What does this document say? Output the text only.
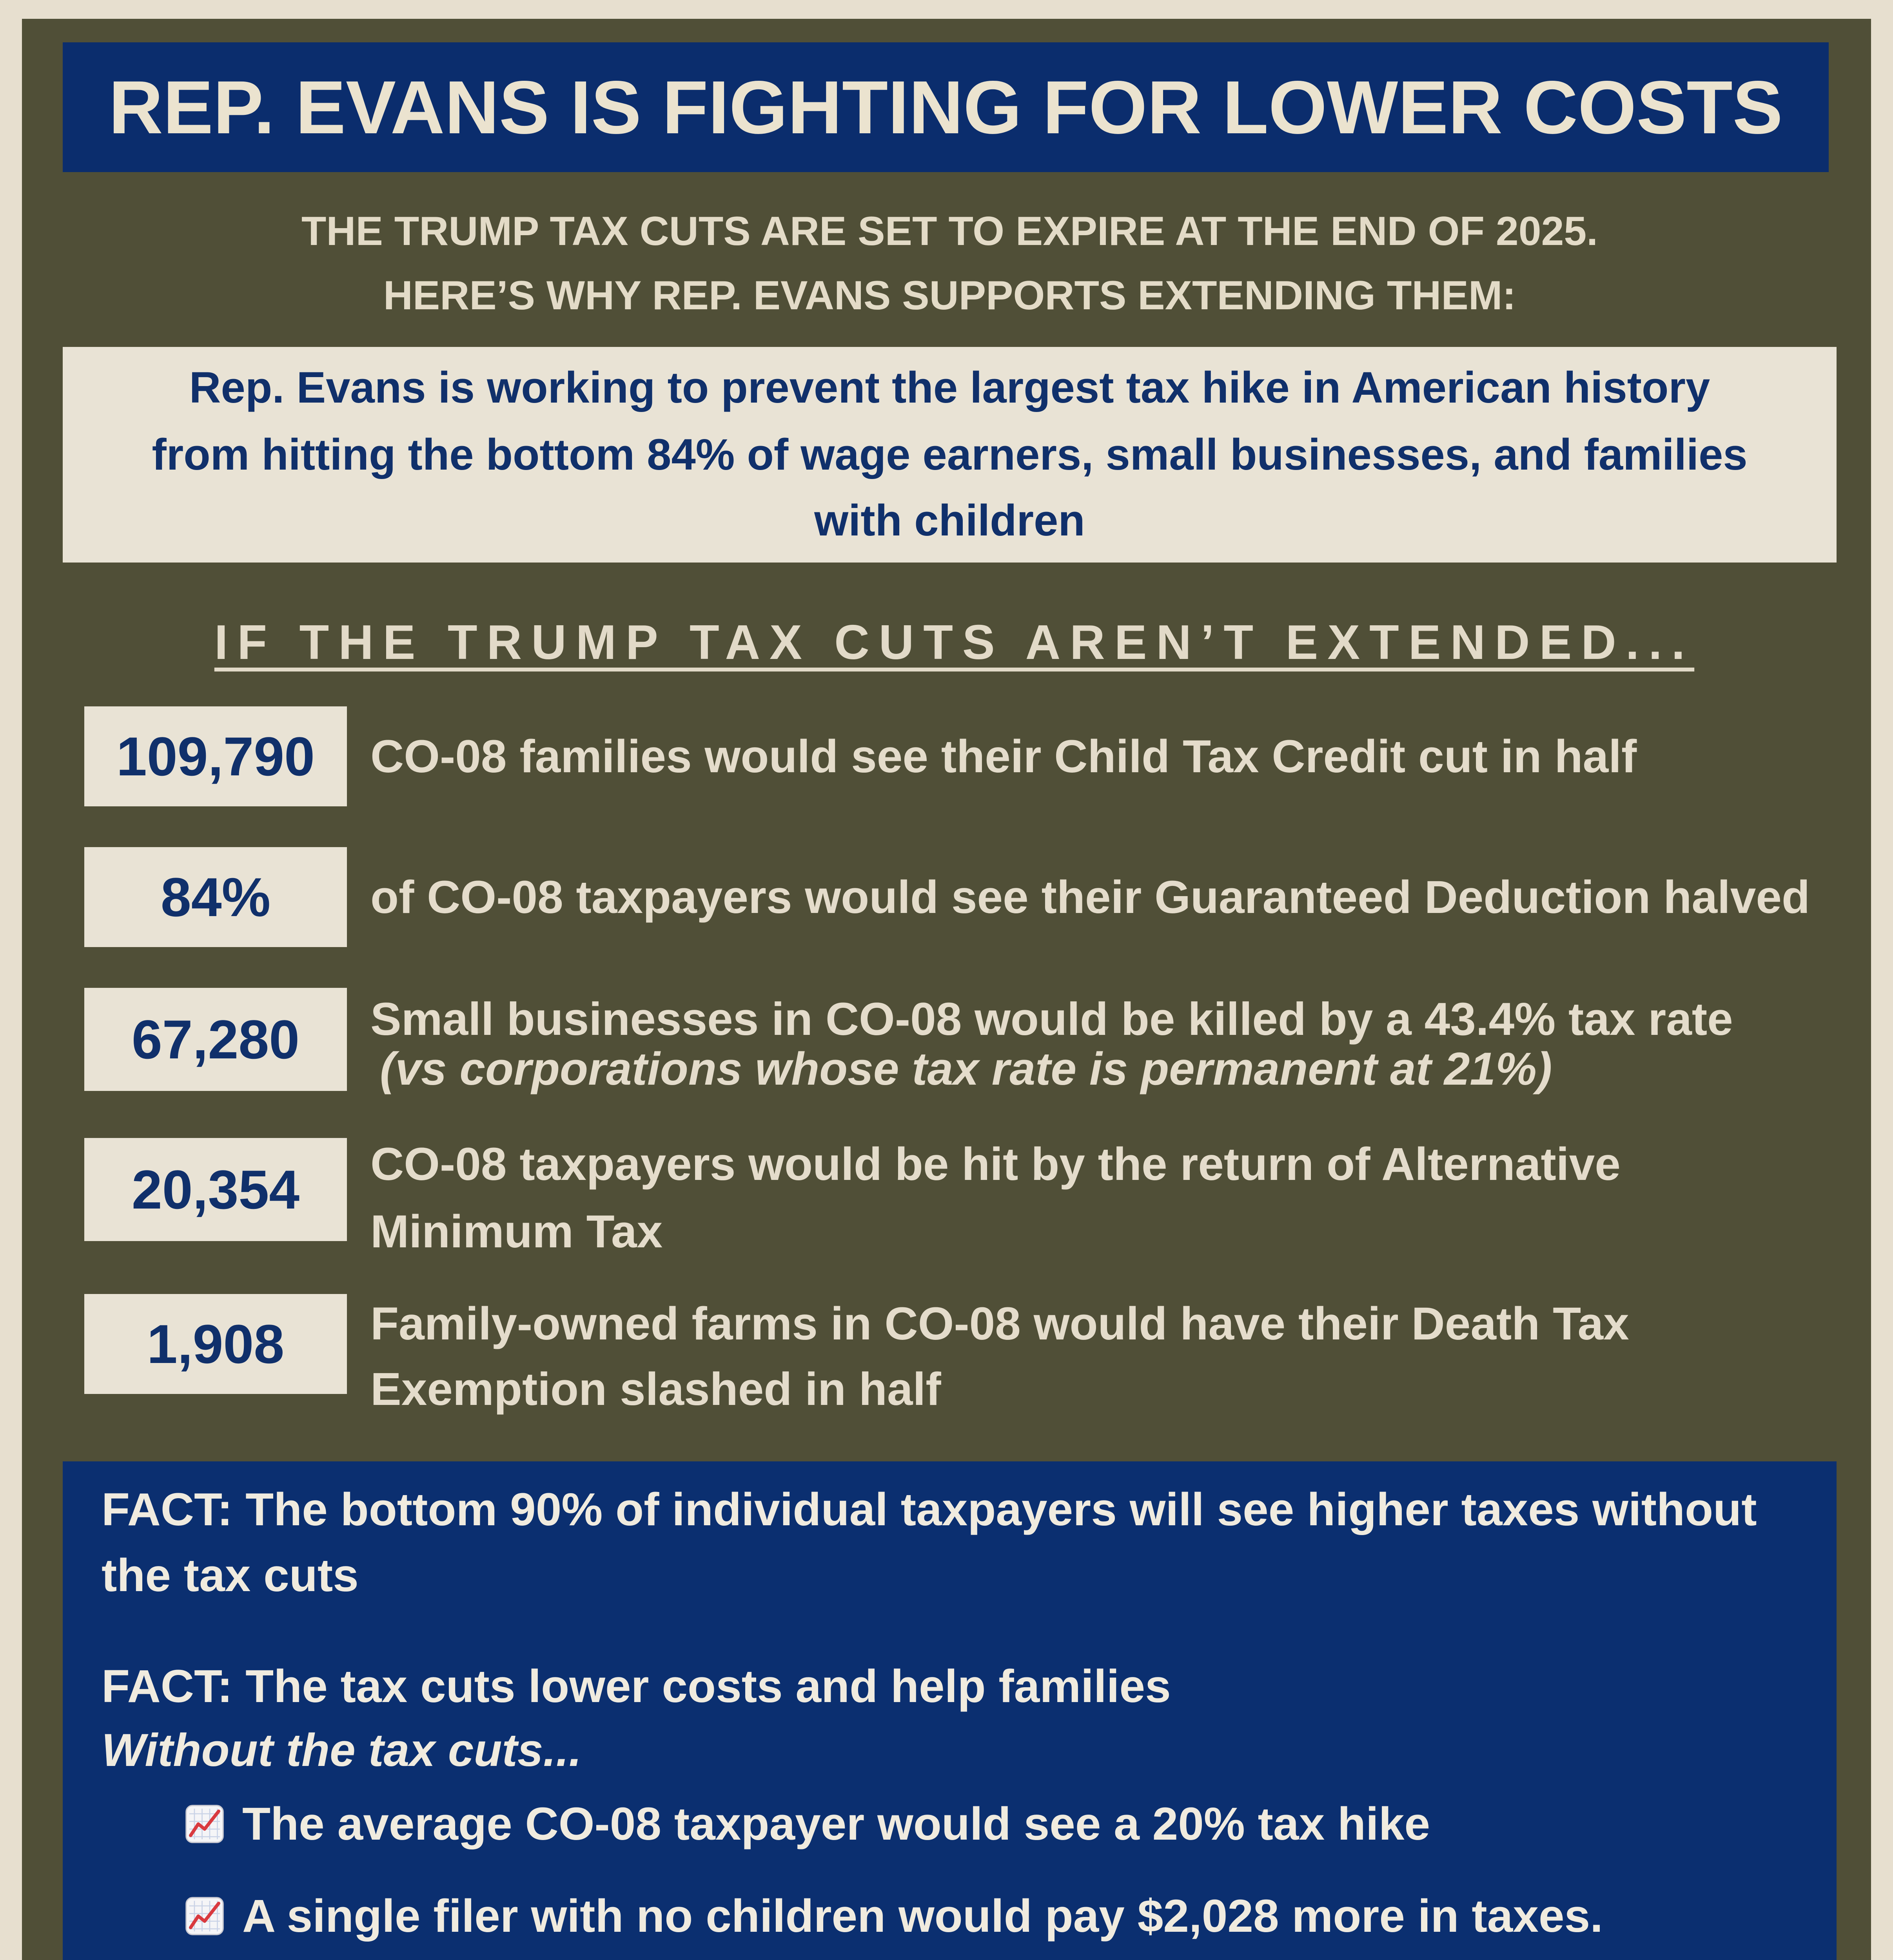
REP. EVANS IS FIGHTING FOR LOWER COSTS
THE TRUMP TAX CUTS ARE SET TO EXPIRE AT THE END OF 2025.
HERE’S WHY REP. EVANS SUPPORTS EXTENDING THEM:
Rep. Evans is working to prevent the largest tax hike in American history
from hitting the bottom 84% of wage earners, small businesses, and families
with children
IF THE TRUMP TAX CUTS AREN’T EXTENDED...
109,790	CO-08 families would see their Child Tax Credit cut in half
84%	of CO-08 taxpayers would see their Guaranteed Deduction halved
67,280	Small businesses in CO-08 would be killed by a 43.4% tax rate
(vs corporations whose tax rate is permanent at 21%)
20,354	CO-08 taxpayers would be hit by the return of Alternative
Minimum Tax
1,908	Family-owned farms in CO-08 would have their Death Tax
Exemption slashed in half
FACT: The bottom 90% of individual taxpayers will see higher taxes without
the tax cuts
FACT: The tax cuts lower costs and help families
Without the tax cuts...
The average CO-08 taxpayer would see a 20% tax hike
A single filer with no children would pay $2,028 more in taxes.
